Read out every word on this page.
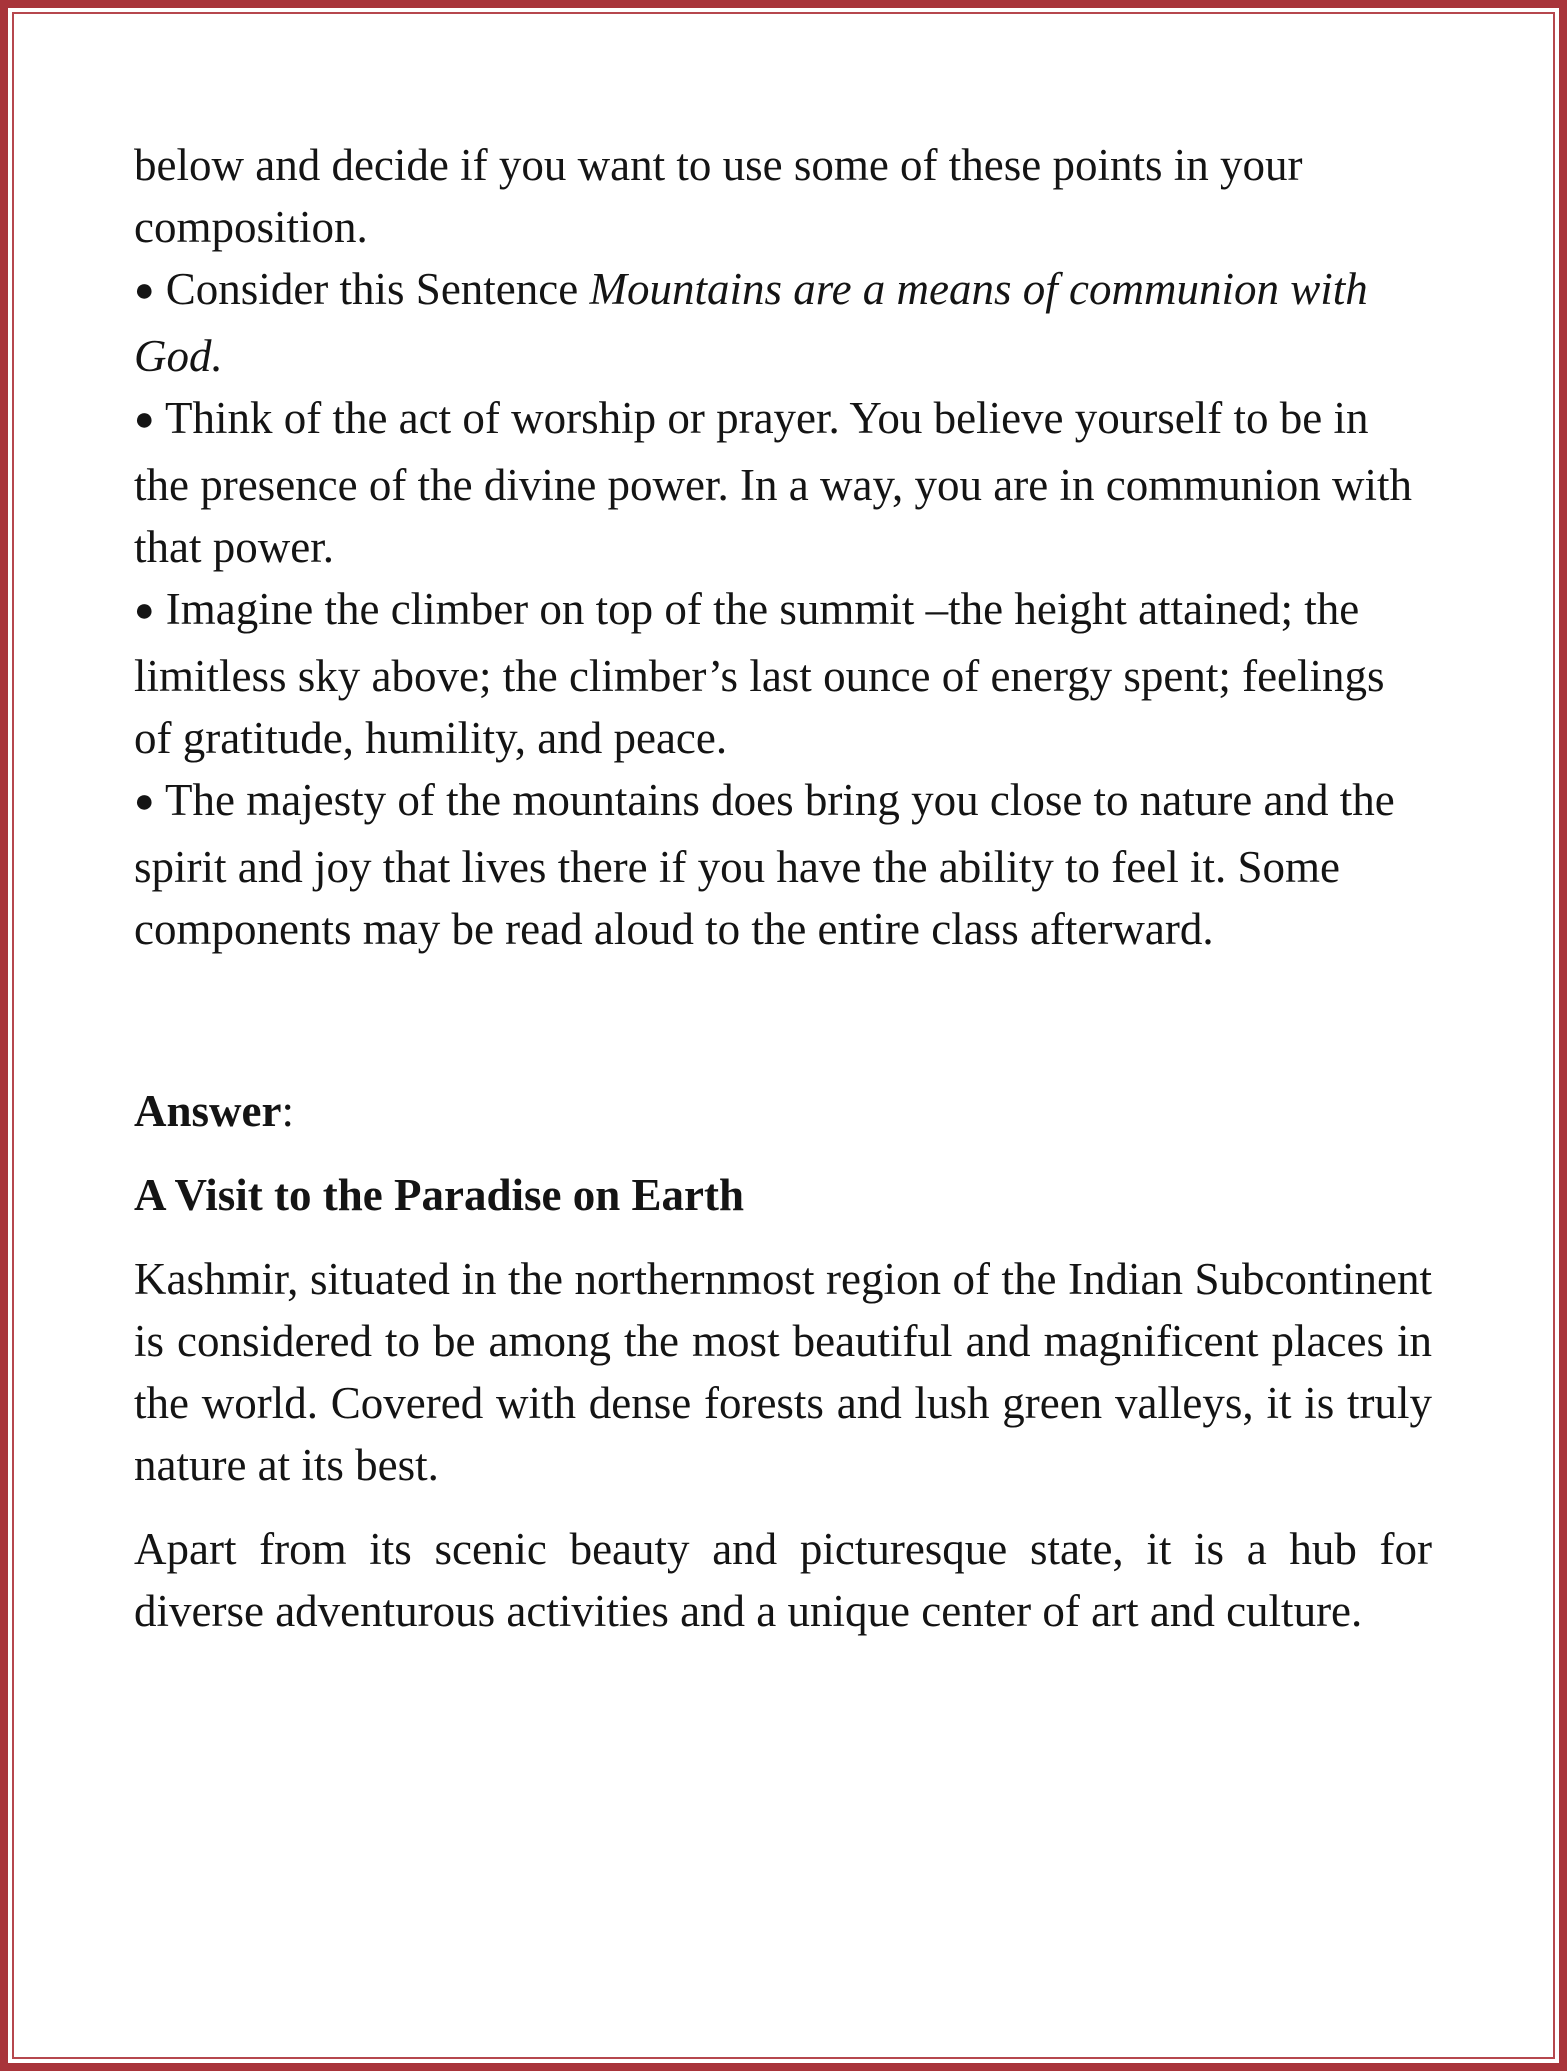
below and decide if you want to use some of these points in your composition.

● Consider this Sentence Mountains are a means of communion with God.

● Think of the act of worship or prayer. You believe yourself to be in the presence of the divine power. In a way, you are in communion with that power.

● Imagine the climber on top of the summit –the height attained; the limitless sky above; the climber’s last ounce of energy spent; feelings of gratitude, humility, and peace.

● The majesty of the mountains does bring you close to nature and the spirit and joy that lives there if you have the ability to feel it. Some components may be read aloud to the entire class afterward.

Answer:

A Visit to the Paradise on Earth

Kashmir, situated in the northernmost region of the Indian Subcontinent is considered to be among the most beautiful and magnificent places in the world. Covered with dense forests and lush green valleys, it is truly nature at its best.

Apart from its scenic beauty and picturesque state, it is a hub for diverse adventurous activities and a unique center of art and culture.
